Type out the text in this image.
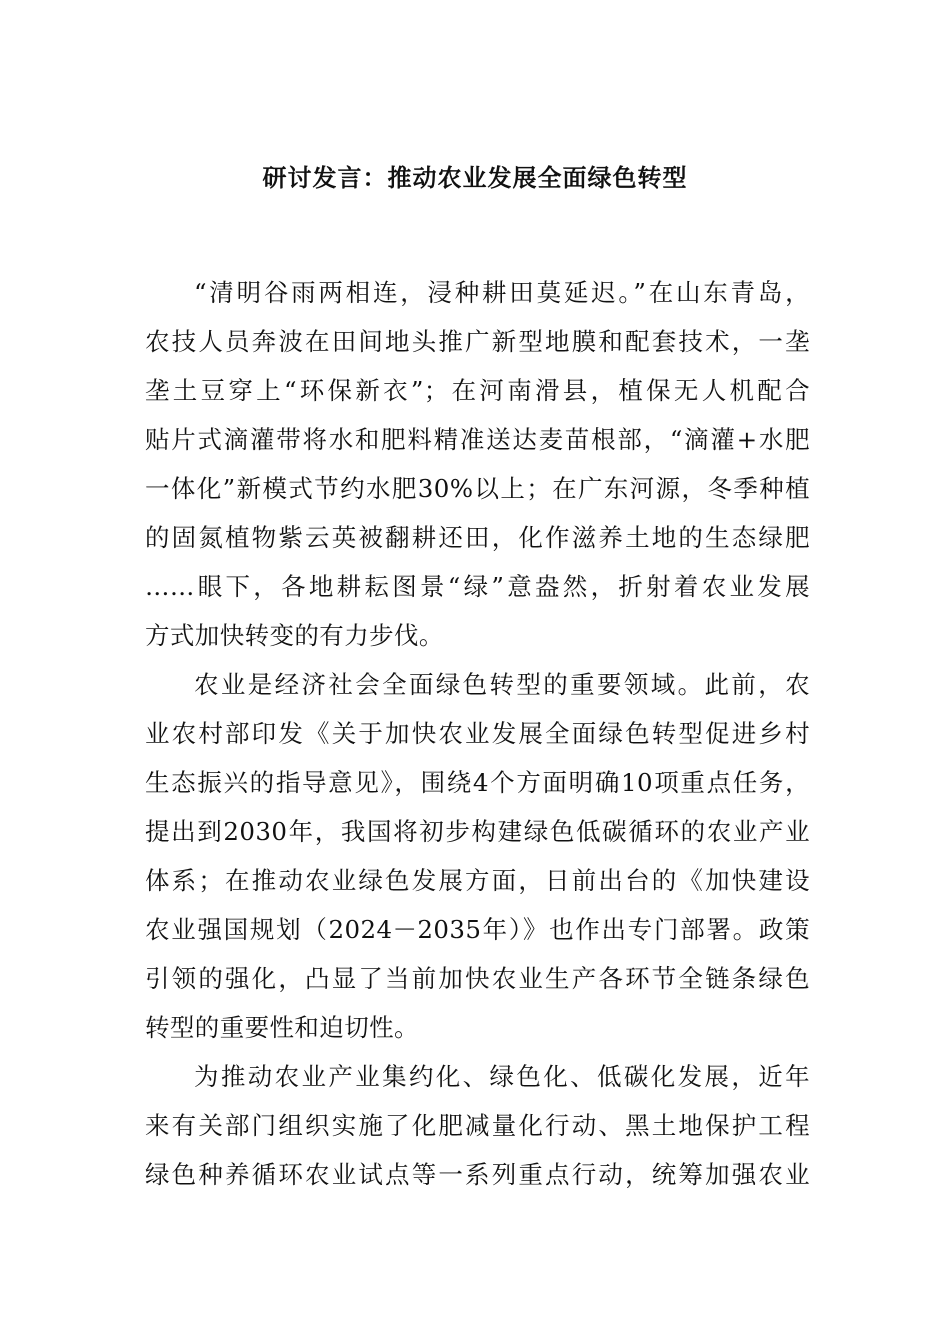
研讨发言：推动农业发展全面绿色转型
“清明谷雨两相连，浸种耕田莫延迟。”在山东青岛，
农技人员奔波在田间地头推广新型地膜和配套技术，一垄
垄土豆穿上“环保新衣”；在河南滑县，植保无人机配合
贴片式滴灌带将水和肥料精准送达麦苗根部，“滴灌+水肥
一体化”新模式节约水肥30%以上；在广东河源，冬季种植
的固氮植物紫云英被翻耕还田，化作滋养土地的生态绿肥
……眼下，各地耕耘图景“绿”意盎然，折射着农业发展
方式加快转变的有力步伐。
农业是经济社会全面绿色转型的重要领域。此前，农
业农村部印发《关于加快农业发展全面绿色转型促进乡村
生态振兴的指导意见》，围绕4个方面明确10项重点任务，
提出到2030年，我国将初步构建绿色低碳循环的农业产业
体系；在推动农业绿色发展方面，日前出台的《加快建设
农业强国规划（2024－2035年）》也作出专门部署。政策
引领的强化，凸显了当前加快农业生产各环节全链条绿色
转型的重要性和迫切性。
为推动农业产业集约化、绿色化、低碳化发展，近年
来有关部门组织实施了化肥减量化行动、黑土地保护工程
绿色种养循环农业试点等一系列重点行动，统筹加强农业
